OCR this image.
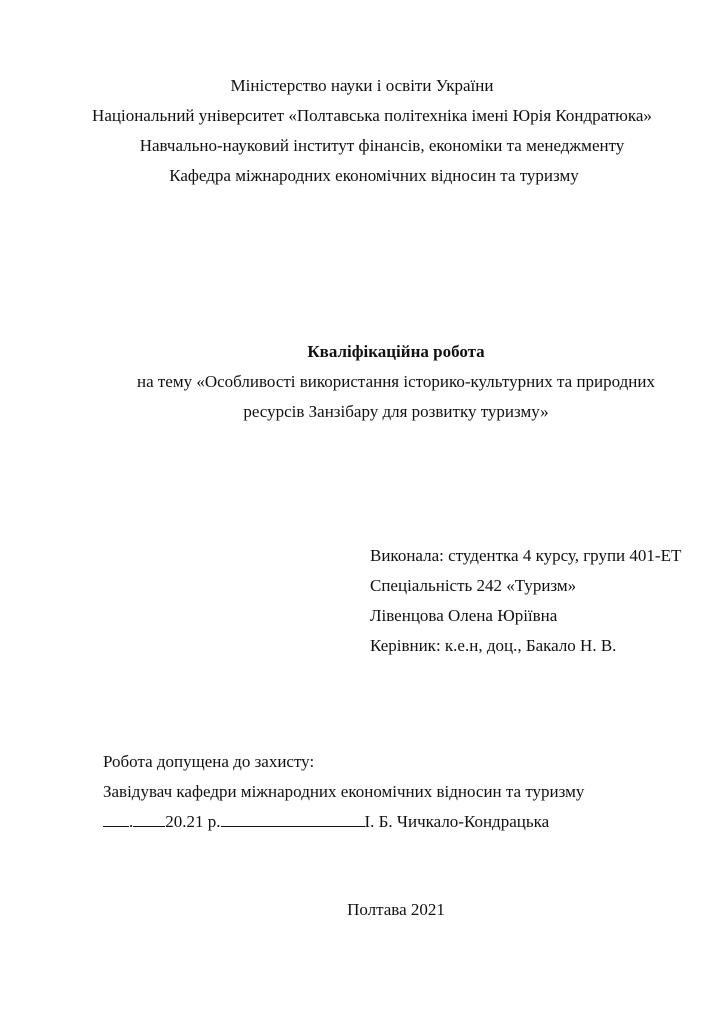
Міністерство науки і освіти України
Національний університет «Полтавська політехніка імені Юрія Кондратюка»
Навчально-науковий інститут фінансів, економіки та менеджменту
Кафедра міжнародних економічних відносин та туризму
Кваліфікаційна робота
на тему «Особливості використання історико-культурних та природних
ресурсів Занзібару для розвитку туризму»
Виконала: студентка 4 курсу, групи 401-ЕТ
Спеціальність 242 «Туризм»
Лівенцова Олена Юріївна
Керівник: к.е.н, доц., Бакало Н. В.
Робота допущена до захисту:
Завідувач кафедри міжнародних економічних відносин та туризму
. 20.21 р.	І. Б. Чичкало-Кондрацька
Полтава 2021
